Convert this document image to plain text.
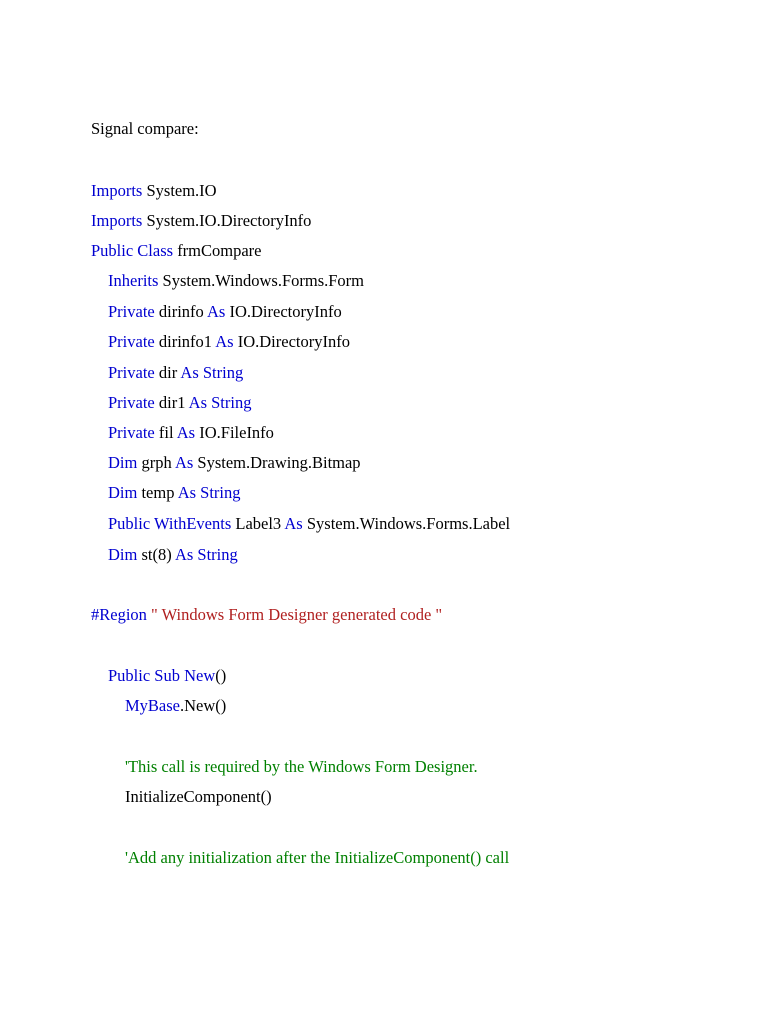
Signal compare:
Imports System.IO
Imports System.IO.DirectoryInfo
Public Class frmCompare
Inherits System.Windows.Forms.Form
Private dirinfo As IO.DirectoryInfo
Private dirinfo1 As IO.DirectoryInfo
Private dir As String
Private dir1 As String
Private fil As IO.FileInfo
Dim grph As System.Drawing.Bitmap
Dim temp As String
Public WithEvents Label3 As System.Windows.Forms.Label
Dim st(8) As String
#Region " Windows Form Designer generated code "
Public Sub New()
MyBase.New()
'This call is required by the Windows Form Designer.
InitializeComponent()
'Add any initialization after the InitializeComponent() call
